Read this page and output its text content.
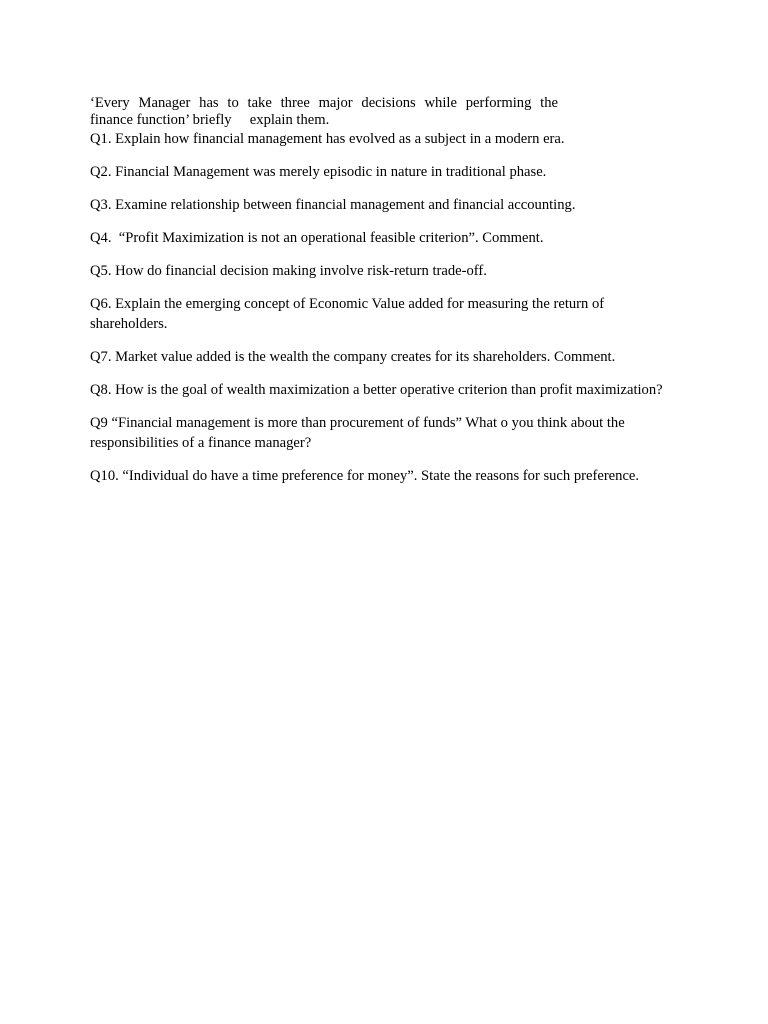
‘Every Manager has to take three major decisions while performing the
finance function’ briefly     explain them.

Q1. Explain how financial management has evolved as a subject in a modern era.

Q2. Financial Management was merely episodic in nature in traditional phase.

Q3. Examine relationship between financial management and financial accounting.

Q4.  “Profit Maximization is not an operational feasible criterion”. Comment.

Q5. How do financial decision making involve risk-return trade-off.

Q6. Explain the emerging concept of Economic Value added for measuring the return of shareholders.

Q7. Market value added is the wealth the company creates for its shareholders. Comment.

Q8. How is the goal of wealth maximization a better operative criterion than profit maximization?

Q9 “Financial management is more than procurement of funds” What o you think about the responsibilities of a finance manager?

Q10. “Individual do have a time preference for money”. State the reasons for such preference.
